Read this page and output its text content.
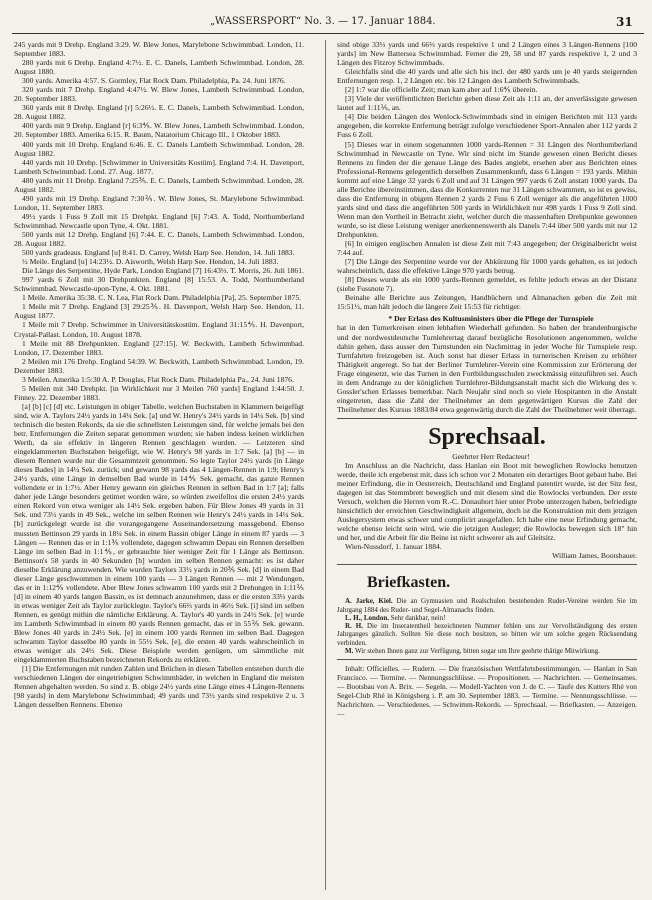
„WASSERSPORT“ No. 3. — 17. Januar 1884.	31

245 yards mit 9 Drehp. England 3:29. W. Blew Jones, Marylebone Schwimmbad. London, 11. September 1883.

280 yards mit 6 Drehp. England 4:7½. E. C. Danels, Lambeth Schwimmbad. London, 28. August 1880.

300 yards. Amerika 4:57. S. Gormley, Flat Rock Dam. Philadelphia, Pa. 24. Juni 1876.

320 yards mit 7 Drehp. England 4:47½. W. Blew Jones, Lambeth Schwimmbad. London, 20. September 1883.

360 yards mit 8 Drehp. England [r] 5:26½. E. C. Danels, Lambeth Schwimmbad. London, 28. August 1882.

400 yards mit 9 Drehp. England [r] 6:3⅘. W. Blew Jones, Lambeth Schwimmbad. London, 20. September 1883. Amerika 6:15. R. Baum, Natatorium Chicago Ill., 1 Oktober 1883.

400 yards mit 10 Drehp. England 6:46. E. C. Danels Lambeth Schwimmbad. London, 28. August 1882.

440 yards mit 10 Drehp. [Schwimmer in Universitäts Kostüm]. England 7:4. H. Davenport, Lambeth Schwimmbad. Lond. 27. Aug. 1877.

480 yards mit 11 Drehp. England 7:25⅗. E. C. Danels, Lambeth Schwimmbad. London, 28. August 1882.

490 yards mit 19 Drehp. England 7:30⅖. W. Blew Jones, St. Marylebone Schwimmbad. London, 11. September 1883.

49½ yards 1 Fuss 9 Zoll mit 15 Drehpkt. England [6] 7:43. A. Todd, Northumberland Schwimmbad. Newcastle upon Tyne, 4. Okt. 1881.

500 yards mit 12 Drehp. England [6] 7:44. E. C. Danels, Lambeth Schwimmbad. London, 28. August 1882.

500 yards gradeaus. England [u] 8:41. D. Carrey, Welsh Harp See. Hendon, 14. Juli 1883.

½ Meile. England [u] 14:23½. D. Aisworth, Welsh Harp See. Hendon, 14. Juli 1883.

Die Länge des Serpentine, Hyde Park, London England [7] 16:43⅓. T. Morris, 26. Juli 1861.

997 yards 6 Zoll mit 30 Drehpunkten. England [8] 15:53. A. Todd, Northumberland Schwimmbad. Newcastle-upon-Tyne, 4. Okt. 1881.

1 Meile. Amerika 35:38. C. N. Lea, Flat Rock Dam. Philadelphia [Pa], 25. September 1875.

1 Meile mit 7 Drehp. England [3] 29:25⅗. H. Davenport, Welsh Harp See. Hendon, 11. August 1877.

1 Meile mit 7 Drehp. Schwimmer in Universitätskostüm. England 31:15⅘. H. Davenport, Crystal-Pallast. London, 10. August 1878.

1 Meile mit 88 Drehpunkten. England [27:15]. W. Beckwith, Lambeth Schwimmbad. London, 17. Dezember 1883.

2 Meilen mit 176 Drehp. England 54:39. W. Beckwith, Lambeth Schwimmbad. London, 19. Dezember 1883.

3 Meilen. Amerika 1:5:30 A. P. Douglas, Flat Rock Dam. Philadelphia Pa., 24. Juni 1876.

5 Meilen mit 340 Drehpkt. [in Wirklichkeit nur 3 Meilen 760 yards] England 1:44:50. J. Finney. 22. Dezember 1883.

[a] [b] [c] [d] etc. Leistungen in obiger Tabelle, welchen Buchstaben in Klammern beigefügt sind, wie A. Taylors 24½ yards in 14¼ Sek. [a] und W. Henry's 24½ yards in 14¼ Sek. [b] sind technisch die besten Rekords, da sie die schnellsten Leistungen sind, für welche jemals bei den betr. Entfernungen die Zeiten separat genommen wurden; sie haben indess keinen wirklichen Werth, da sie effektiv in längeren Rennen geschlagen wurden. — Letzteren sind eingeklammerten Buchstaben beigefügt, wie W. Henry's 98 yards in 1:7 Sek. [a] [b] — in diesem Rennen wurde nur die Gesammtzeit genommen. So legte Taylor 24½ yards [in Länge dieses Bades] in 14¼ Sek. zurück; und gewann 98 yards das 4 Längen-Rennen in 1:9; Henry's 24½ yards, eine Länge in demselben Bad wurde in 14⅘ Sek. gemacht, das ganze Rennen vollendete er in 1:7½. Aber Henry gewann ein gleiches Rennen in selben Bad in 1:7 [a]; falls daher jede Länge besonders getimet worden wäre, so würden zweifellos die ersten 24½ yards einen Rekord von etwa weniger als 14½ Sek. ergeben haben. Für Blew Jones 49 yards in 31 Sek. und 73½ yards in 49 Sek., welche im selben Rennen wie Henry's 24½ yards in 14¼ Sek. [b] zurückgelegt wurde ist die vorangegangene Auseinandersetzung massgebend. Ebenso mussten Bettinson 29 yards in 18¼ Sek. in einem Bassin obiger Länge in einem 87 yards — 3 Längen — Rennen das er in 1:1⅗ vollendete, dagegen schwamm Depau ein Rennen derselben Länge im selben Bad in 1:1⅘, er gebrauchte hier weniger Zeit für 1 Länge als Bettinson. Bettinson's 58 yards in 40 Sekunden [h] wurden im selben Rennen gemacht: es ist daher dieselbe Erklärung anzuwenden. Wie wurden Taylors 33½ yards in 20⅗ Sek. [d] in einem Bad dieser Länge geschwommen in einem 100 yards — 3 Längen Rennen — mit 2 Wendungen, das er in 1:12⅘ vollendete. Aber Blew Jones schwamm 100 yards mit 2 Drehungen in 1:11⅖ [d] in einem 40 yards langen Bassin, es ist demnach anzunehmen, dass er die ersten 33⅓ yards in etwas weniger Zeit als Taylor zurücklegte. Taylor's 66⅔ yards in 46½ Sek. [i] sind im selben Rennen, es genügt mithin die nämliche Erklärung. A. Taylor's 40 yards in 24½ Sek. [e] wurde im Lambeth Schwimmbad in einem 80 yards Rennen gemacht, das er in 55⅖ Sek. gewann. Blew Jones 40 yards in 24½ Sek. [e] in einem 100 yards Rennen im selben Bad. Dagegen schwamm Taylor dasselbe 80 yards in 55½ Sek. [e], die ersten 40 yards wahrscheinlich in etwas weniger als 24½ Sek. Diese Beispiele werden genügen, um sämmtliche mit eingeklammerten Buchstaben bezeichneten Rekords zu erklären.

[1] Die Entfernungen mit runden Zahlen und Brüchen in diesen Tabellen entstehen durch die verschiedenen Längen der eingetriebigten Schwimmbäder, in welchen in England die meisten Rennen abgehalten werden. So sind z. B. obige 24½ yards eine Länge eines 4 Längen-Rennens [98 yards] in dem Marylebone Schwimmbad; 49 yards und 73½ yards sind respektive 2 u. 3 Längen desselben Rennens. Ebenso

sind obige 33⅓ yards und 66⅔ yards respektive 1 und 2 Längen eines 3 Längen-Rennens [100 yards] im New Battersea Schwimmbad. Ferner die 29, 58 und 87 yards respektive 1, 2 und 3 Längen des Fitzroy Schwimmbads.

Gleichfalls sind die 40 yards und alle sich bis incl. der 480 yards um je 40 yards steigernden Entfernungen resp. 1, 2 Längen etc. bis 12 Längen des Lambeth Schwimmbads.

[2] 1:7 war die officielle Zeit; man kam aber auf 1:6⅘ überein.

[3] Viele der veröffentlichten Berichte geben diese Zeit als 1:11 an, der anverlässigste gewesen lautet auf 1:11⅕, an.

[4] Die beiden Längen des Wenlock-Schwimmbads sind in einigen Berichten mit 113 yards angegeben, die korrekte Entfernung beträgt zufolge verschiedener Sport-Annalen aber 112 yards 2 Fuss 6 Zoll.

[5] Dieses war in einem sogenannten 1000 yards-Rennen = 31 Längen des Northumberland Schwimmbad in Newcastle on Tyne. Wir sind nicht im Stande gewesen einen Bericht dieses Rennens zu finden der die genaue Länge des Bades angiebt, ersehen aber aus Berichten eines Professional-Rennens gelegentlich derselben Zusammenkunft, dass 6 Längen = 193 yards. Mithin kommt auf eine Länge 32 yards 6 Zoll und auf 31 Längen 997 yards 6 Zoll anstatt 1000 yards. Da alle Berichte übereinstimmen, dass die Konkurrenten nur 31 Längen schwammen, so ist es gewiss, dass die Entfernung in obigem Rennen 2 yards 2 Fuss 6 Zoll weniger als die angeführten 1000 yards sind und dass die angeführten 500 yards in Wirklichkeit nur 498 yards 1 Fuss 9 Zoll sind. Wenn man den Vortheil in Betracht zieht, welcher durch die massenhaften Drehpunkte gewonnen wurde, so ist diese Leistung weniger anerkennenswerth als Danels 7:44 über 500 yards mit nur 12 Drehpunkten.

[6] In einigen englischen Annalen ist diese Zeit mit 7:43 angegeben; der Originalbericht weist 7:44 auf.

[7] Die Länge des Serpentine wurde vor der Abkürzung für 1000 yards gehalten, es ist jedoch wahrscheinlich, dass die effektive Länge 970 yards betrug.

[8] Dieses wurde als ein 1000 yards-Rennen gemeldet, es fehlte jedoch etwas an der Distanz (siehe Fussnote 7).

Beinahe alle Berichte aus Zeitungen, Handbüchern und Almanachen geben die Zeit mit 15:51½, man hält jedoch die längere Zeit 15:53 für richtiger.

* Der Erlass des Kultusministers über die Pflege der Turnspiele

hat in den Turnerkreisen einen lebhaften Wiederhall gefunden. So haben der brandenburgische und der nordwestdeutsche Turnlehrertag darauf bezügliche Resolutionen angenommen, welche dahin gehen, dass ausser den Turnstunden ein Nachmittag in jeder Woche für Turnspiele resp. Turnfahrten freizugeben ist. Auch sonst hat dieser Erlass in turnerischen Kreisen zu erhöhter Thätigkeit angeregt. So hat der Berliner Turnlehrer-Verein eine Kommission zur Erörterung der Frage eingesetzt, wie das Turnen in den Fortbildungsschulen zweckmässig einzuführen sei. Auch in dem Andrange zu der königlichen Turnlehrer-Bildungsanstalt macht sich die Wirkung des v. Gossler'schen Erlasses bemerkbar. Nach Neujahr sind noch so viele Hospitanten in die Anstalt eingetreten, dass die Zahl der Theilnehmer an dem gegenwärtigen Kursus die Zahl der Theilnehmer des Kursus 1883/84 etwa gegenwärtig durch die Zahl der Theilnehmer weit überragt.

Sprechsaal.

Geehrter Herr Redacteur!

Im Anschluss an die Nachricht, dass Hanlan ein Boot mit beweglichen Rowlocks benutzen werde, theile ich ergebenst mit, dass ich schon vor 2 Monaten ein derartiges Boot gebaut habe. Bei meiner Erfindung, die in Oesterreich, Deutschland und England patentirt wurde, ist der Sitz fest, dagegen ist das Stemmbrett beweglich und mit diesem sind die Rowlocks verbunden. Der erste Versuch, welchen die Herren vom R.-C. Donauhort hier unter Probe unterzogen haben, befriedigte hinsichtlich der erreichten Geschwindigkeit allgemein, doch ist die Konstruktion mit dem jetzigen Auslegersystem etwas schwer und complicirt ausgefallen. Ich habe eine neue Erfindung gemacht, welche ebenso leicht sein wird, wie die jetzigen Ausleger; die Rowlocks bewegen sich 18" hin und her, und die Arbeit für die Beine ist nicht schwerer als auf Gleitsitz.

Wien-Nussdorf, 1. Januar 1884.

William James, Bootsbauer.

Briefkasten.

A. Jarke, Kiel. Die an Gymnasien und Realschulen bestehenden Ruder-Vereine werden Sie im Jahrgang 1884 des Ruder- und Segel-Almanachs finden.

L. H., London. Sehr dankbar, nein!

R. H. Die im Inseratentheil bezeichneten Nummer fehlen uns zur Vervollständigung des ersten Jahrganges gänzlich. Sollten Sie diese noch besitzen, so bitten wir um solche gegen Rücksendung verbinden.

M. Wir stehen Ihnen ganz zur Verfügung, bitten sogar um Ihre geehrte thätige Mitwirkung.

Inhalt: Officielles. — Rudern. — Die französischen Wettfahrtsbestimmungen. — Hanlan in San Francisco. — Termine. — Nennungsschlüsse. — Propositionen. — Nachrichten. — Gemeinsames. — Bootsbau von A. Brix. — Segeln. — Modell-Yachten von J. de C. — Taufe des Kutters Rhé von Segel-Club Rhé in Königsberg i. P. am 30. September 1883. — Termine. — Nennungsschlüsse. — Nachrichten. — Verschiedenes. — Schwimm-Rekords. — Sprechsaal. — Briefkasten. — Anzeigen. —
